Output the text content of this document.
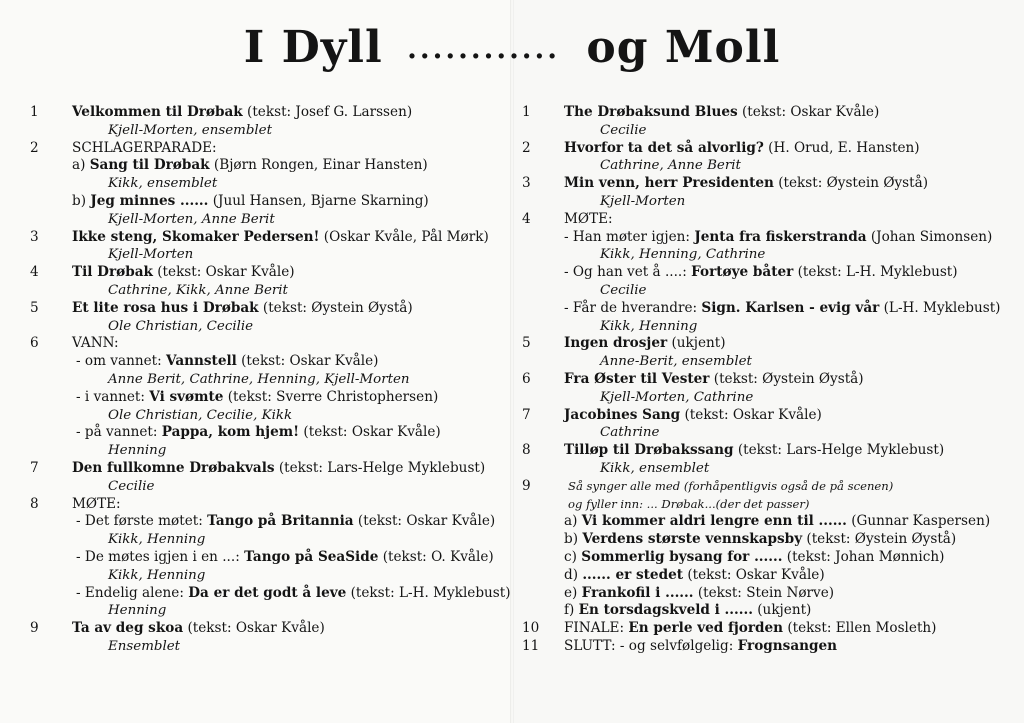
I Dyll ............ og Moll
1 Velkommen til Drøbak (tekst: Josef G. Larssen)
Kjell-Morten, ensemblet
2 SCHLAGERPARADE:
a) Sang til Drøbak (Bjørn Rongen, Einar Hansten)
Kikk, ensemblet
b) Jeg minnes ...... (Juul Hansen, Bjarne Skarning)
Kjell-Morten, Anne Berit
3 Ikke steng, Skomaker Pedersen! (Oskar Kvåle, Pål Mørk)
Kjell-Morten
4 Til Drøbak (tekst: Oskar Kvåle)
Cathrine, Kikk, Anne Berit
5 Et lite rosa hus i Drøbak (tekst: Øystein Øystå)
Ole Christian, Cecilie
6 VANN:
- om vannet: Vannstell (tekst: Oskar Kvåle)
Anne Berit, Cathrine, Henning, Kjell-Morten
- i vannet: Vi svømte (tekst: Sverre Christophersen)
Ole Christian, Cecilie, Kikk
- på vannet: Pappa, kom hjem! (tekst: Oskar Kvåle)
Henning
7 Den fullkomne Drøbakvals (tekst: Lars-Helge Myklebust)
Cecilie
8 MØTE:
- Det første møtet: Tango på Britannia (tekst: Oskar Kvåle)
Kikk, Henning
- De møtes igjen i en ...: Tango på SeaSide (tekst: O. Kvåle)
Kikk, Henning
- Endelig alene: Da er det godt å leve (tekst: L-H. Myklebust)
Henning
9 Ta av deg skoa (tekst: Oskar Kvåle)
Ensemblet
1 The Drøbaksund Blues (tekst: Oskar Kvåle)
Cecilie
2 Hvorfor ta det så alvorlig? (H. Orud, E. Hansten)
Cathrine, Anne Berit
3 Min venn, herr Presidenten (tekst: Øystein Øystå)
Kjell-Morten
4 MØTE:
- Han møter igjen: Jenta fra fiskerstranda (Johan Simonsen)
Kikk, Henning, Cathrine
- Og han vet å ....: Fortøye båter (tekst: L-H. Myklebust)
Cecilie
- Får de hverandre: Sign. Karlsen - evig vår (L-H. Myklebust)
Kikk, Henning
5 Ingen drosjer (ukjent)
Anne-Berit, ensemblet
6 Fra Øster til Vester (tekst: Øystein Øystå)
Kjell-Morten, Cathrine
7 Jacobines Sang (tekst: Oskar Kvåle)
Cathrine
8 Tilløp til Drøbakssang (tekst: Lars-Helge Myklebust)
Kikk, ensemblet
9	Så synger alle med (forhåpentligvis også de på scenen)
og fyller inn: ... Drøbak...(der det passer)
a) Vi kommer aldri lengre enn til ...... (Gunnar Kaspersen)
b) Verdens største vennskapsby (tekst: Øystein Øystå)
c) Sommerlig bysang for ...... (tekst: Johan Mønnich)
d) ...... er stedet (tekst: Oskar Kvåle)
e) Frankofil i ...... (tekst: Stein Nørve)
f) En torsdagskveld i ...... (ukjent)
10 FINALE: En perle ved fjorden (tekst: Ellen Mosleth)
11 SLUTT: - og selvfølgelig: Frognsangen
